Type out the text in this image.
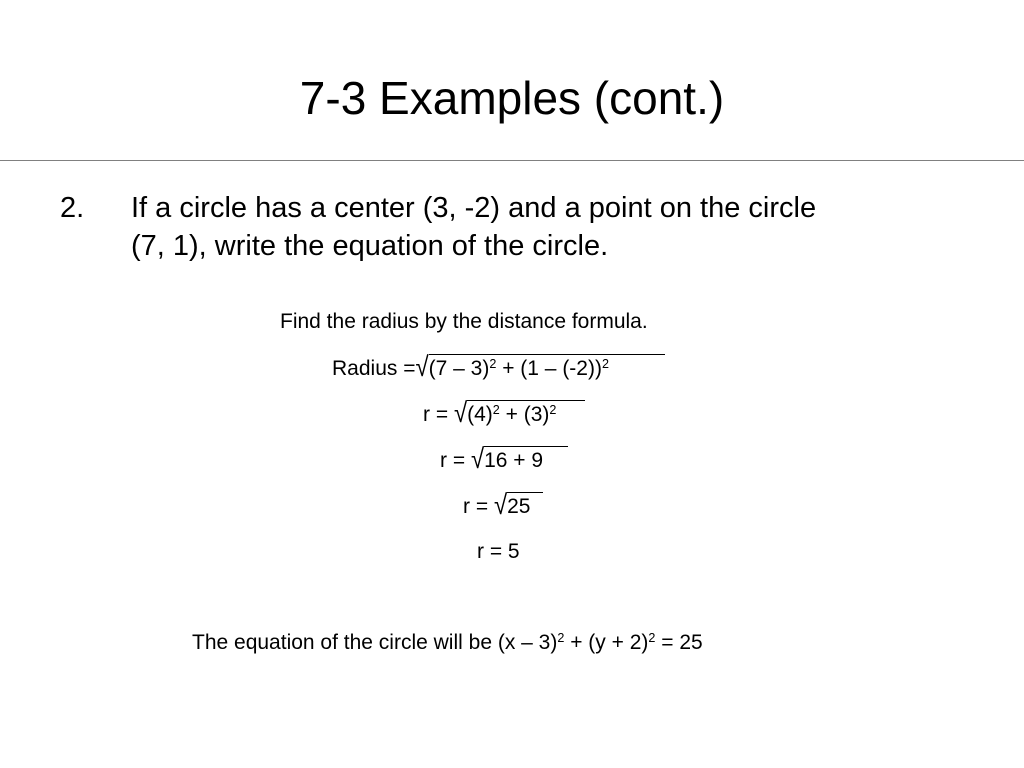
7-3 Examples (cont.)
2. If a circle has a center (3, -2) and a point on the circle
(7, 1), write the equation of the circle.
Find the radius by the distance formula.
Radius =√(7 – 3)$^2$ + (1 – (-2))$^2$
$r = √(4)^2 + (3)^2$
r = √16 + 9
r = √25
r = 5
The equation of the circle will be $(x - 3)^2 + (y + 2)^2 = 25$
